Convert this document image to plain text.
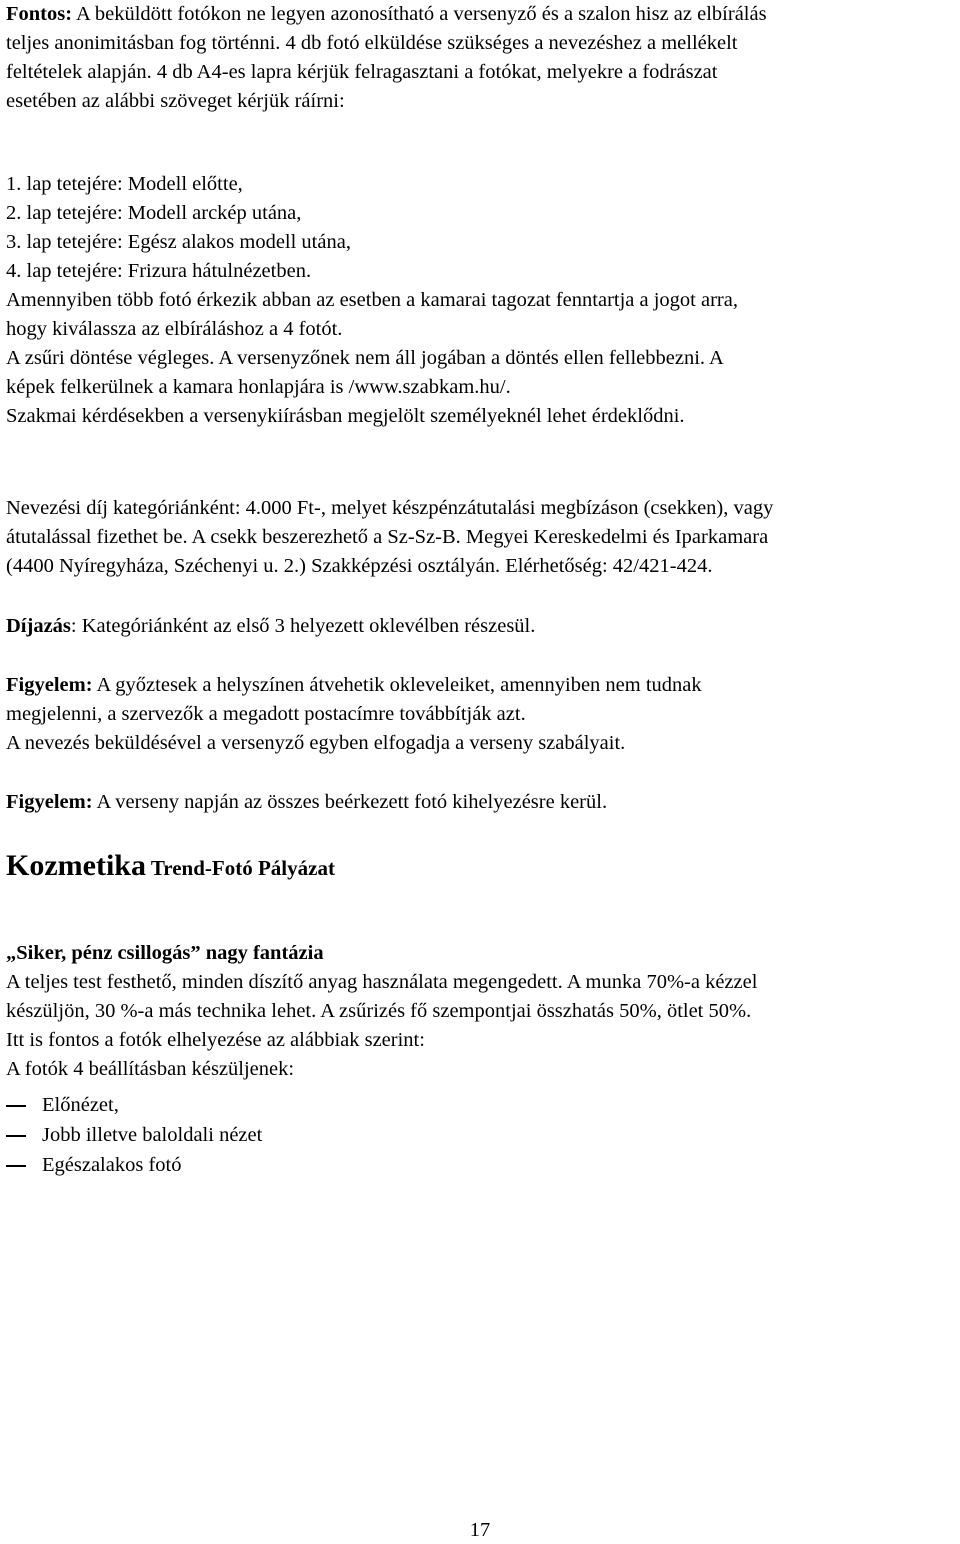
Fontos: A beküldött fotókon ne legyen azonosítható a versenyző és a szalon hisz az elbírálás
teljes anonimitásban fog történni. 4 db fotó elküldése szükséges a nevezéshez a mellékelt
feltételek alapján. 4 db A4-es lapra kérjük felragasztani a fotókat, melyekre a fodrászat
esetében az alábbi szöveget kérjük ráírni:
1. lap tetejére: Modell előtte,
2. lap tetejére: Modell arckép utána,
3. lap tetejére: Egész alakos modell utána,
4. lap tetejére: Frizura hátulnézetben.
Amennyiben több fotó érkezik abban az esetben a kamarai tagozat fenntartja a jogot arra,
hogy kiválassza az elbíráláshoz a 4 fotót.
A zsűri döntése végleges. A versenyzőnek nem áll jogában a döntés ellen fellebbezni. A
képek felkerülnek a kamara honlapjára is /www.szabkam.hu/.
Szakmai kérdésekben a versenykiírásban megjelölt személyeknél lehet érdeklődni.
Nevezési díj kategóriánként: 4.000 Ft-, melyet készpénzátutalási megbízáson (csekken), vagy
átutalással fizethet be. A csekk beszerezhető a Sz-Sz-B. Megyei Kereskedelmi és Iparkamara
(4400 Nyíregyháza, Széchenyi u. 2.) Szakképzési osztályán. Elérhetőség: 42/421-424.
Díjazás: Kategóriánként az első 3 helyezett oklevélben részesül.
Figyelem: A győztesek a helyszínen átvehetik okleveleiket, amennyiben nem tudnak
megjelenni, a szervezők a megadott postacímre továbbítják azt.
A nevezés beküldésével a versenyző egyben elfogadja a verseny szabályait.
Figyelem: A verseny napján az összes beérkezett fotó kihelyezésre kerül.
Kozmetika Trend-Fotó Pályázat
„Siker, pénz csillogás” nagy fantázia
A teljes test festhető, minden díszítő anyag használata megengedett. A munka 70%-a kézzel
készüljön, 30 %-a más technika lehet. A zsűrizés fő szempontjai összhatás 50%, ötlet 50%.
Itt is fontos a fotók elhelyezése az alábbiak szerint:
A fotók 4 beállításban készüljenek:
Előnézet,
Jobb illetve baloldali nézet
Egészalakos fotó
17
